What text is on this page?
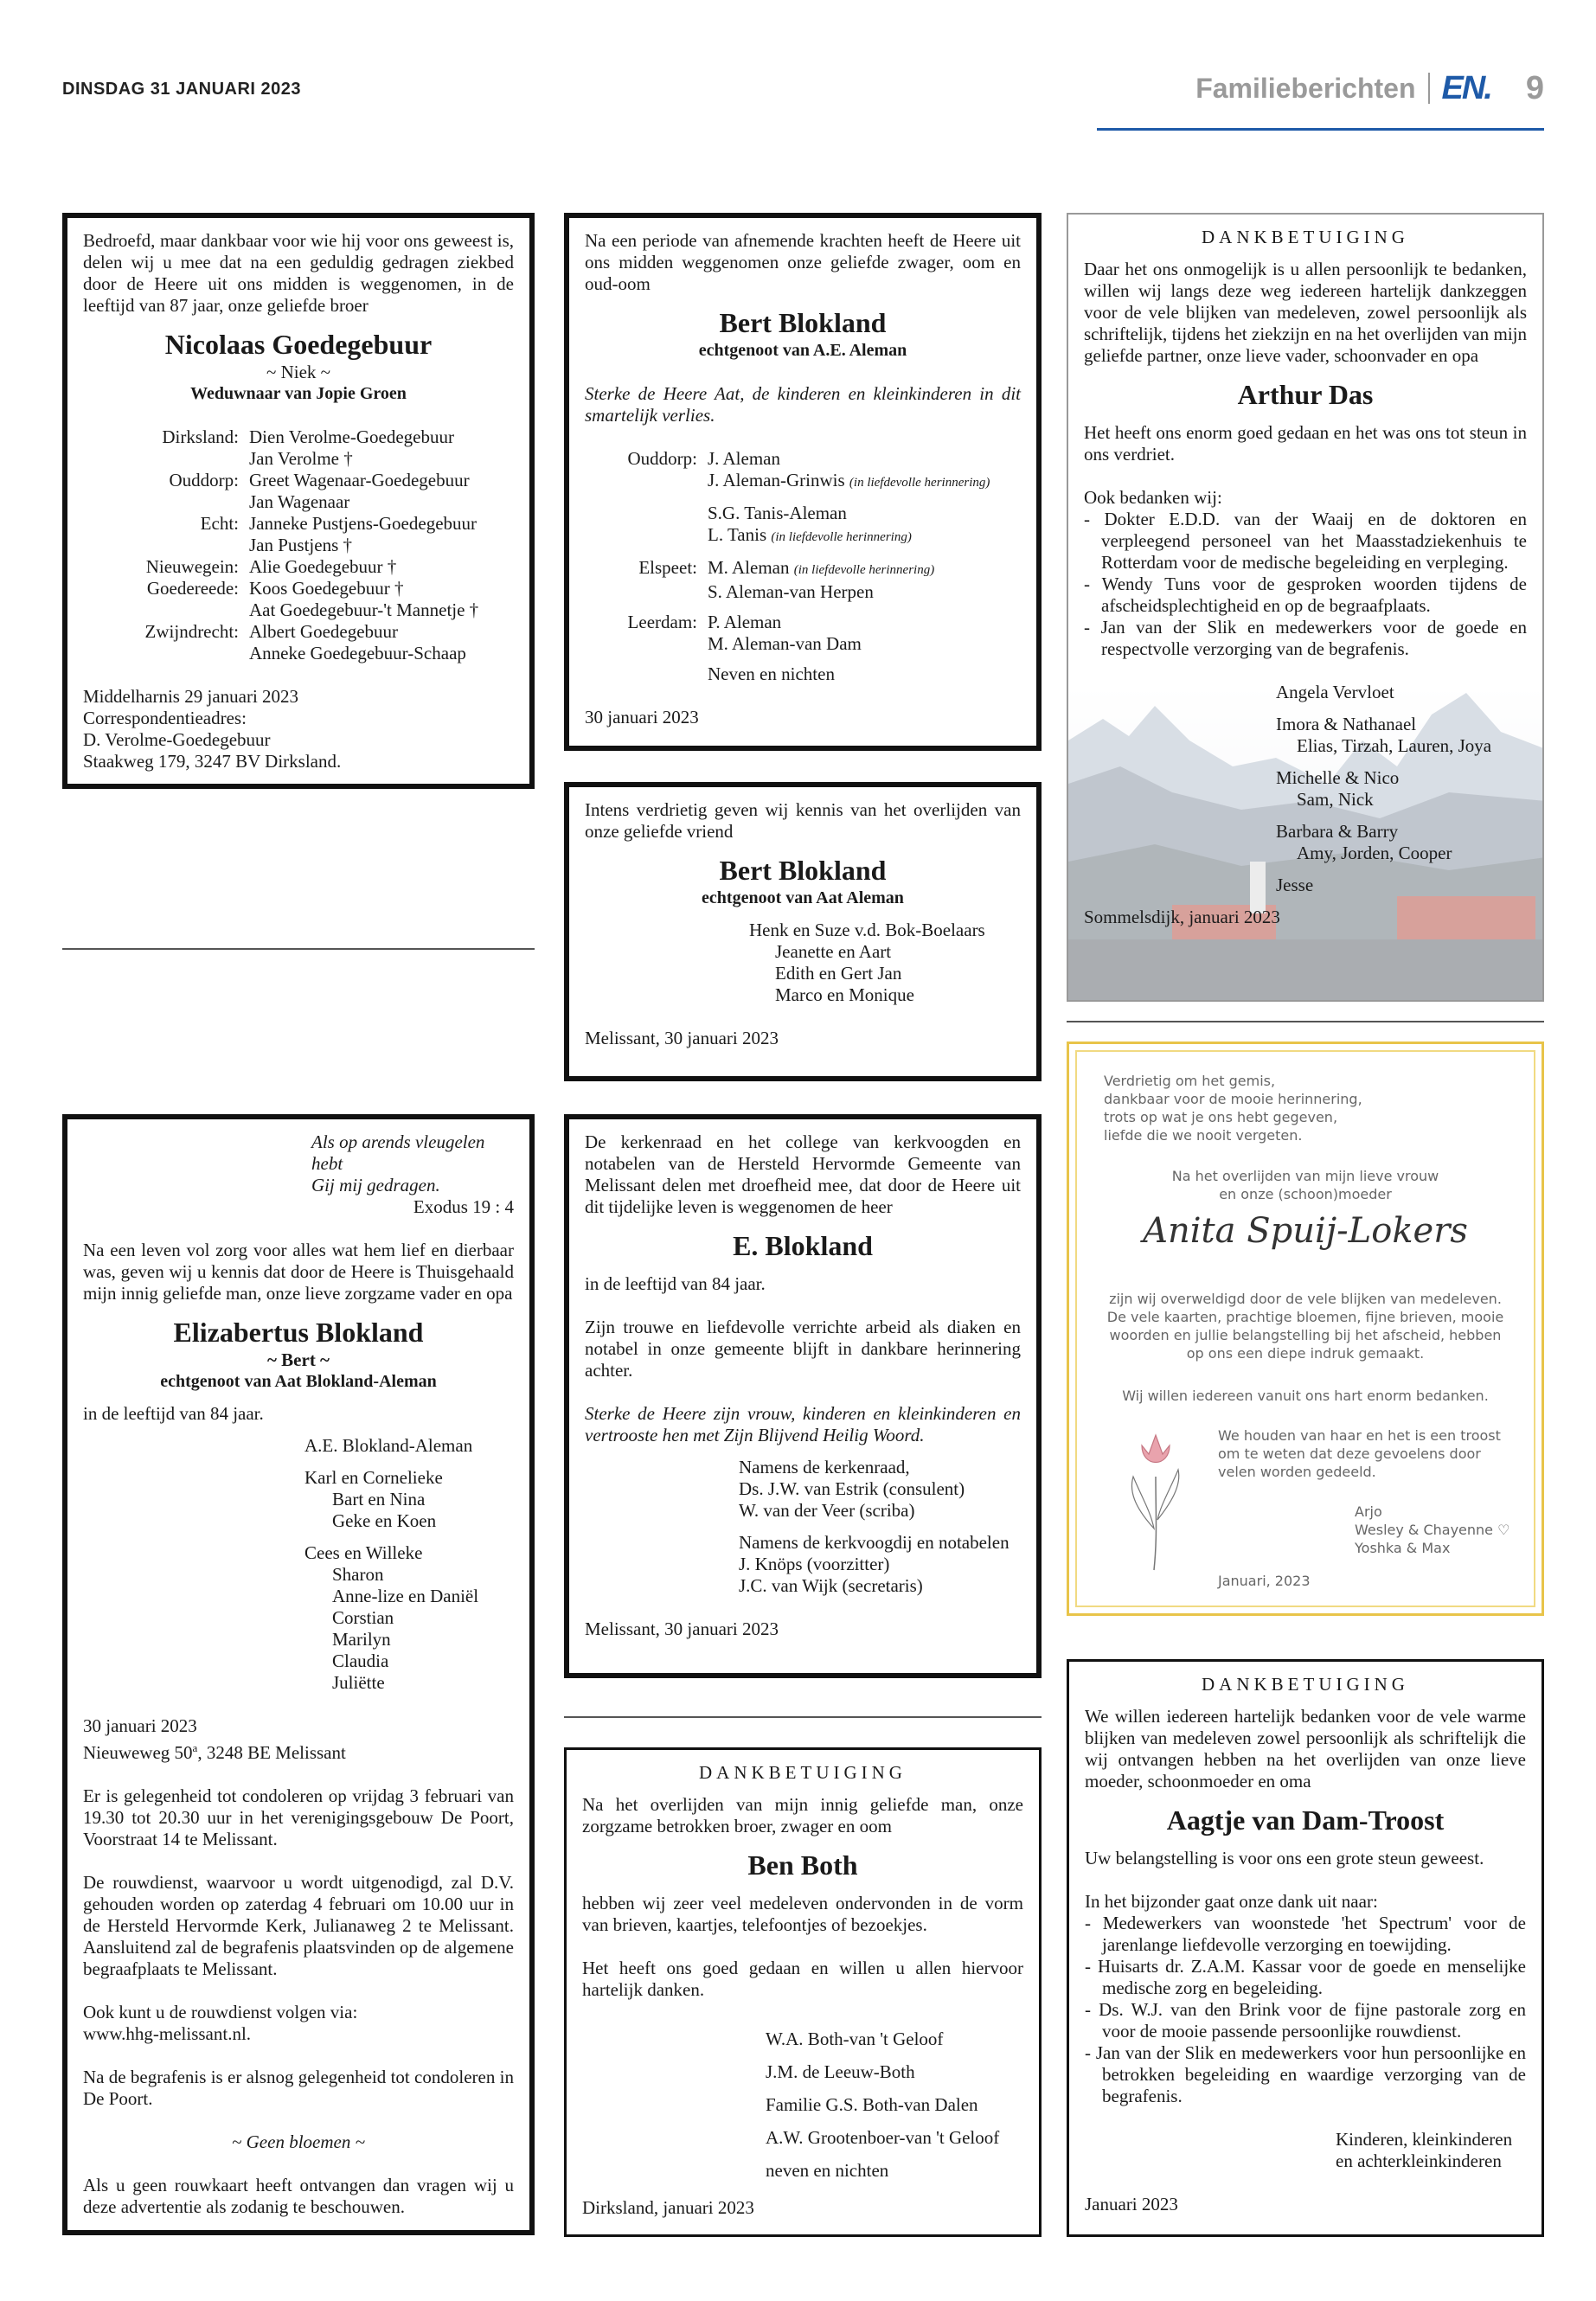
DINSDAG 31 JANUARI 2023	Familieberichten EN. 9

Bedroefd, maar dankbaar voor wie hij voor ons geweest is, delen wij u mee dat na een geduldig gedragen ziekbed door de Heere uit ons midden is weggenomen, in de leeftijd van 87 jaar, onze geliefde broer

Nicolaas Goedegebuur

~ Niek ~

Weduwnaar van Jopie Groen

Dirksland: Dien Verolme-Goedegebuur
Jan Verolme †
Ouddorp: Greet Wagenaar-Goedegebuur
Jan Wagenaar
Echt: Janneke Pustjens-Goedegebuur
Jan Pustjens †
Nieuwegein: Alie Goedegebuur †
Goedereede: Koos Goedegebuur †
Aat Goedegebuur-'t Mannetje †
Zwijndrecht: Albert Goedegebuur
Anneke Goedegebuur-Schaap

Middelharnis 29 januari 2023

Correspondentieadres:

D. Verolme-Goedegebuur

Staakweg 179, 3247 BV Dirksland.

Na een periode van afnemende krachten heeft de Heere uit ons midden weggenomen onze geliefde zwager, oom en oud-oom

Bert Blokland

echtgenoot van A.E. Aleman

Sterke de Heere Aat, de kinderen en kleinkinderen in dit smartelijk verlies.

Ouddorp: J. Aleman
J. Aleman-Grinwis (in liefdevolle herinnering)
S.G. Tanis-Aleman
L. Tanis (in liefdevolle herinnering)
Elspeet: M. Aleman (in liefdevolle herinnering)
S. Aleman-van Herpen
Leerdam: P. Aleman
M. Aleman-van Dam
Neven en nichten

30 januari 2023

DANKBETUIGING

Daar het ons onmogelijk is u allen persoonlijk te bedanken, willen wij langs deze weg iedereen hartelijk dankzeggen voor de vele blijken van medeleven, zowel persoonlijk als schriftelijk, tijdens het ziekzijn en na het overlijden van mijn geliefde partner, onze lieve vader, schoonvader en opa

Arthur Das

Het heeft ons enorm goed gedaan en het was ons tot steun in ons verdriet.

Ook bedanken wij:

- Dokter E.D.D. van der Waaij en de doktoren en verpleegend personeel van het Maasstadziekenhuis te Rotterdam voor de medische begeleiding en verpleging.
- Wendy Tuns voor de gesproken woorden tijdens de afscheidsplechtigheid en op de begraafplaats.
- Jan van der Slik en medewerkers voor de goede en respectvolle verzorging van de begrafenis.

Angela Vervloet

Imora & Nathanael

Elias, Tirzah, Lauren, Joya

Michelle & Nico

Sam, Nick

Barbara & Barry

Amy, Jorden, Cooper

Jesse

Sommelsdijk, januari 2023

Intens verdrietig geven wij kennis van het overlijden van onze geliefde vriend

Bert Blokland

echtgenoot van Aat Aleman

Henk en Suze v.d. Bok-Boelaars

Jeanette en Aart

Edith en Gert Jan

Marco en Monique

Melissant, 30 januari 2023

Als op arends vleugelen hebt

Gij mij gedragen.

Exodus 19 : 4

Na een leven vol zorg voor alles wat hem lief en dierbaar was, geven wij u kennis dat door de Heere is Thuisgehaald mijn innig geliefde man, onze lieve zorgzame vader en opa

Elizabertus Blokland

~ Bert ~

echtgenoot van Aat Blokland-Aleman

in de leeftijd van 84 jaar.

A.E. Blokland-Aleman

Karl en Cornelieke

Bart en Nina

Geke en Koen

Cees en Willeke

Sharon

Anne-lize en Daniël

Corstian

Marilyn

Claudia

Juliëtte

30 januari 2023

Nieuweweg 50$^a$, 3248 BE Melissant

Er is gelegenheid tot condoleren op vrijdag 3 februari van 19.30 tot 20.30 uur in het verenigingsgebouw De Poort, Voorstraat 14 te Melissant.

De rouwdienst, waarvoor u wordt uitgenodigd, zal D.V. gehouden worden op zaterdag 4 februari om 10.00 uur in de Hersteld Hervormde Kerk, Julianaweg 2 te Melissant. Aansluitend zal de begrafenis plaatsvinden op de algemene begraafplaats te Melissant.

Ook kunt u de rouwdienst volgen via:

www.hhg-melissant.nl.

Na de begrafenis is er alsnog gelegenheid tot condoleren in De Poort.

~ Geen bloemen ~

Als u geen rouwkaart heeft ontvangen dan vragen wij u deze advertentie als zodanig te beschouwen.

De kerkenraad en het college van kerkvoogden en notabelen van de Hersteld Hervormde Gemeente van Melissant delen met droefheid mee, dat door de Heere uit dit tijdelijke leven is weggenomen de heer

E. Blokland

in de leeftijd van 84 jaar.

Zijn trouwe en liefdevolle verrichte arbeid als diaken en notabel in onze gemeente blijft in dankbare herinnering achter.

Sterke de Heere zijn vrouw, kinderen en kleinkinderen en vertrooste hen met Zijn Blijvend Heilig Woord.

Namens de kerkenraad,

Ds. J.W. van Estrik (consulent)

W. van der Veer (scriba)

Namens de kerkvoogdij en notabelen

J. Knöps (voorzitter)

J.C. van Wijk (secretaris)

Melissant, 30 januari 2023

Verdrietig om het gemis,

dankbaar voor de mooie herinnering,

trots op wat je ons hebt gegeven,

liefde die we nooit vergeten.

Na het overlijden van mijn lieve vrouw

en onze (schoon)moeder

Anita Spuij-Lokers

zijn wij overweldigd door de vele blijken van medeleven.

De vele kaarten, prachtige bloemen, fijne brieven, mooie

woorden en jullie belangstelling bij het afscheid, hebben

op ons een diepe indruk gemaakt.

Wij willen iedereen vanuit ons hart enorm bedanken.

We houden van haar en het is een troost

om te weten dat deze gevoelens door

velen worden gedeeld.

Arjo

Wesley & Chayenne ♡

Yoshka & Max

Januari, 2023

DANKBETUIGING

Na het overlijden van mijn innig geliefde man, onze zorgzame betrokken broer, zwager en oom

Ben Both

hebben wij zeer veel medeleven ondervonden in de vorm van brieven, kaartjes, telefoontjes of bezoekjes.

Het heeft ons goed gedaan en willen u allen hiervoor hartelijk danken.

W.A. Both-van 't Geloof

J.M. de Leeuw-Both

Familie G.S. Both-van Dalen

A.W. Grootenboer-van 't Geloof

neven en nichten

Dirksland, januari 2023

DANKBETUIGING

We willen iedereen hartelijk bedanken voor de vele warme blijken van medeleven zowel persoonlijk als schriftelijk die wij ontvangen hebben na het overlijden van onze lieve moeder, schoonmoeder en oma

Aagtje van Dam-Troost

Uw belangstelling is voor ons een grote steun geweest.

In het bijzonder gaat onze dank uit naar:

- Medewerkers van woonstede 'het Spectrum' voor de jarenlange liefdevolle verzorging en toewijding.
- Huisarts dr. Z.A.M. Kassar voor de goede en menselijke medische zorg en begeleiding.
- Ds. W.J. van den Brink voor de fijne pastorale zorg en voor de mooie passende persoonlijke rouwdienst.
- Jan van der Slik en medewerkers voor hun persoonlijke en betrokken begeleiding en waardige verzorging van de begrafenis.

Kinderen, kleinkinderen

en achterkleinkinderen

Januari 2023
